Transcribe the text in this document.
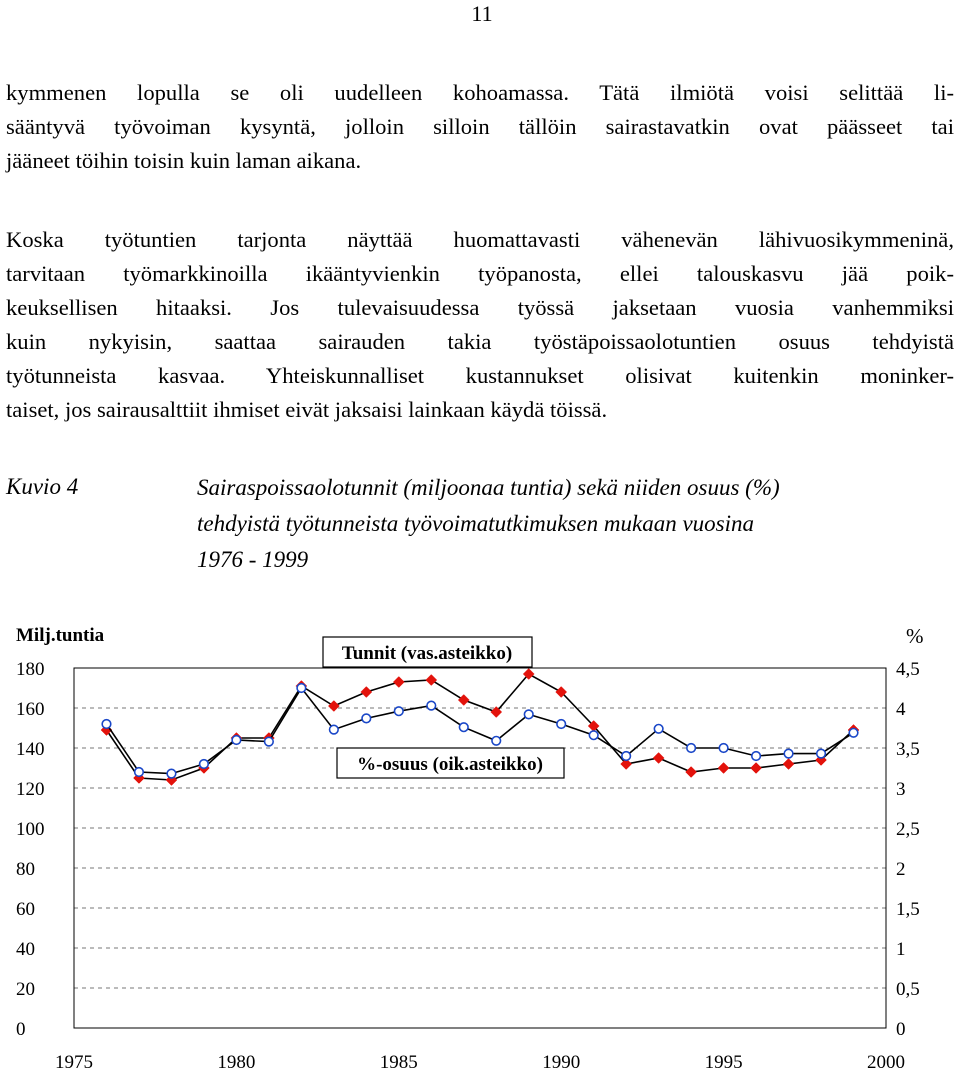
11
kymmenen lopulla se oli uudelleen kohoamassa. Tätä ilmiötä voisi selittää li-
sääntyvä työvoiman kysyntä, jolloin silloin tällöin sairastavatkin ovat päässeet tai
jääneet töihin toisin kuin laman aikana.
Koska työtuntien tarjonta näyttää huomattavasti vähenevän lähivuosikymmeninä,
tarvitaan työmarkkinoilla ikääntyvienkin työpanosta, ellei talouskasvu jää poik-
keuksellisen hitaaksi. Jos tulevaisuudessa työssä jaksetaan vuosia vanhemmiksi
kuin nykyisin, saattaa sairauden takia työstäpoissaolotuntien osuus tehdyistä
työtunneista kasvaa. Yhteiskunnalliset kustannukset olisivat kuitenkin moninker-
taiset, jos sairausalttiit ihmiset eivät jaksaisi lainkaan käydä töissä.
Kuvio 4	Sairaspoissaolotunnit (miljoonaa tuntia) sekä niiden osuus (%)
tehdyistä työtunneista työvoimatutkimuksen mukaan vuosina
1976 - 1999
Milj.tuntia	%
0
20
40
60
80
100
120
140
160
180
0
0,5
1
1,5
2
2,5
3
3,5
4
4,5
1975	1980	1985	1990	1995	2000
Tunnit (vas.asteikko)
%-osuus (oik.asteikko)
